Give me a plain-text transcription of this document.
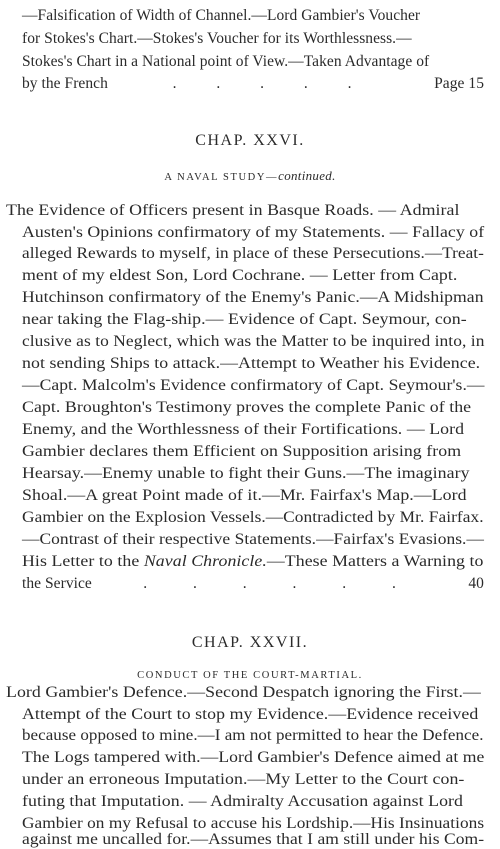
—Falsification of Width of Channel.—Lord Gambier's Voucher
for Stokes's Chart.—Stokes's Voucher for its Worthlessness.—
Stokes's Chart in a National point of View.—Taken Advantage of
by the French	. . . . .	Page 15
CHAP. XXVI.
A NAVAL STUDY—continued.
The Evidence of Officers present in Basque Roads. — Admiral
Austen's Opinions confirmatory of my Statements. — Fallacy of
alleged Rewards to myself, in place of these Persecutions.—Treat-
ment of my eldest Son, Lord Cochrane. — Letter from Capt.
Hutchinson confirmatory of the Enemy's Panic.—A Midshipman
near taking the Flag-ship.— Evidence of Capt. Seymour, con-
clusive as to Neglect, which was the Matter to be inquired into, in
not sending Ships to attack.—Attempt to Weather his Evidence.
—Capt. Malcolm's Evidence confirmatory of Capt. Seymour's.—
Capt. Broughton's Testimony proves the complete Panic of the
Enemy, and the Worthlessness of their Fortifications. — Lord
Gambier declares them Efficient on Supposition arising from
Hearsay.—Enemy unable to fight their Guns.—The imaginary
Shoal.—A great Point made of it.—Mr. Fairfax's Map.—Lord
Gambier on the Explosion Vessels.—Contradicted by Mr. Fairfax.
—Contrast of their respective Statements.—Fairfax's Evasions.—
His Letter to the Naval Chronicle.—These Matters a Warning to
the Service	. . . . . .	40
CHAP. XXVII.
CONDUCT OF THE COURT-MARTIAL.
Lord Gambier's Defence.—Second Despatch ignoring the First.—
Attempt of the Court to stop my Evidence.—Evidence received
because opposed to mine.—I am not permitted to hear the Defence.
The Logs tampered with.—Lord Gambier's Defence aimed at me
under an erroneous Imputation.—My Letter to the Court con-
futing that Imputation. — Admiralty Accusation against Lord
Gambier on my Refusal to accuse his Lordship.—His Insinuations
against me uncalled for.—Assumes that I am still under his Com-
